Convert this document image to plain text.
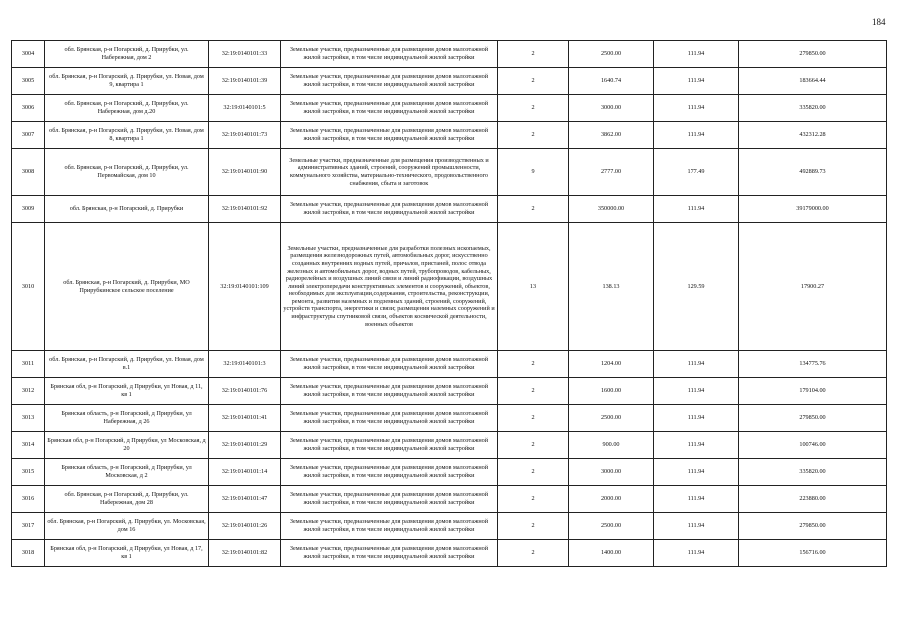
184
3004	обл. Брянская, р-н Погарский, д. Прирубки, ул. Набережная, дом 2	32:19:0140101:33	Земельные участки, предназначенные для размещения домов малоэтажной жилой застройки, в том числе индивидуальной жилой застройки	2	2500.00	111.94	279850.00
3005	обл. Брянская, р-н Погарский, д. Прирубки, ул. Новая, дом 9, квартира 1	32:19:0140101:39	Земельные участки, предназначенные для размещения домов малоэтажной жилой застройки, в том числе индивидуальной жилой застройки	2	1640.74	111.94	183664.44
3006	обл. Брянская, р-н Погарский, д. Прирубки, ул. Набережная, дом д.20	32:19:0140101:5	Земельные участки, предназначенные для размещения домов малоэтажной жилой застройки, в том числе индивидуальной жилой застройки	2	3000.00	111.94	335820.00
3007	обл. Брянская, р-н Погарский, д. Прирубки, ул. Новая, дом 8, квартира 1	32:19:0140101:73	Земельные участки, предназначенные для размещения домов малоэтажной жилой застройки, в том числе индивидуальной жилой застройки	2	3862.00	111.94	432312.28
3008	обл. Брянская, р-н Погарский, д. Прирубки, ул. Первомайская, дом 10	32:19:0140101:90	Земельные участки, предназначенные для размещения производственных и административных зданий, строений, сооружений промышленности, коммунального хозяйства, материально-технического, продовольственного снабжения, сбыта и заготовок	9	2777.00	177.49	492889.73
3009	обл. Брянская, р-н Погарский, д. Прирубки	32:19:0140101:92	Земельные участки, предназначенные для размещения домов малоэтажной жилой застройки, в том числе индивидуальной жилой застройки	2	350000.00	111.94	39179000.00
3010	обл. Брянская, р-н Погарский, д. Прирубки, МО Прирубкинское сельское поселение	32:19:0140101:109	Земельные участки, предназначенные для разработки полезных ископаемых, размещения железнодорожных путей, автомобильных дорог, искусственно созданных внутренних водных путей, причалов, пристаней, полос отвода железных и автомобильных дорог, водных путей, трубопроводов, кабельных, радиорелейных и воздушных линий связи и линий радиофикации, воздушных линий электропередачи конструктивных элементов и сооружений, объектов, необходимых для эксплуатации,содержания, строительства, реконструкции, ремонта, развития наземных и подземных зданий, строений, сооружений, устройств транспорта, энергетики и связи; размещения наземных сооружений и инфраструктуры спутниковой связи, объектов космической деятельности, военных объектов	13	138.13	129.59	17900.27
3011	обл. Брянская, р-н Погарский, д. Прирубки, ул. Новая, дом в.1	32:19:0140101:3	Земельные участки, предназначенные для размещения домов малоэтажной жилой застройки, в том числе индивидуальной жилой застройки	2	1204.00	111.94	134775.76
3012	Брянская обл, р-н Погарский, д Прирубки, ул Новая, д 11, кв 1	32:19:0140101:76	Земельные участки, предназначенные для размещения домов малоэтажной жилой застройки, в том числе индивидуальной жилой застройки	2	1600.00	111.94	179104.00
3013	Брянская область, р-н Погарский, д Прирубки, ул Набережная, д 26	32:19:0140101:41	Земельные участки, предназначенные для размещения домов малоэтажной жилой застройки, в том числе индивидуальной жилой застройки	2	2500.00	111.94	279850.00
3014	Брянская обл, р-н Погарский, д Прирубки, ул Московская, д 20	32:19:0140101:29	Земельные участки, предназначенные для размещения домов малоэтажной жилой застройки, в том числе индивидуальной жилой застройки	2	900.00	111.94	100746.00
3015	Брянская область, р-н Погарский, д Прирубки, ул Московская, д 2	32:19:0140101:14	Земельные участки, предназначенные для размещения домов малоэтажной жилой застройки, в том числе индивидуальной жилой застройки	2	3000.00	111.94	335820.00
3016	обл. Брянская, р-н Погарский, д. Прирубки, ул. Набережная, дом 28	32:19:0140101:47	Земельные участки, предназначенные для размещения домов малоэтажной жилой застройки, в том числе индивидуальной жилой застройки	2	2000.00	111.94	223880.00
3017	обл. Брянская, р-н Погарский, д. Прирубки, ул. Московская, дом 16	32:19:0140101:26	Земельные участки, предназначенные для размещения домов малоэтажной жилой застройки, в том числе индивидуальной жилой застройки	2	2500.00	111.94	279850.00
3018	Брянская обл, р-н Погарский, д Прирубки, ул Новая, д 17, кв 1	32:19:0140101:82	Земельные участки, предназначенные для размещения домов малоэтажной жилой застройки, в том числе индивидуальной жилой застройки	2	1400.00	111.94	156716.00
